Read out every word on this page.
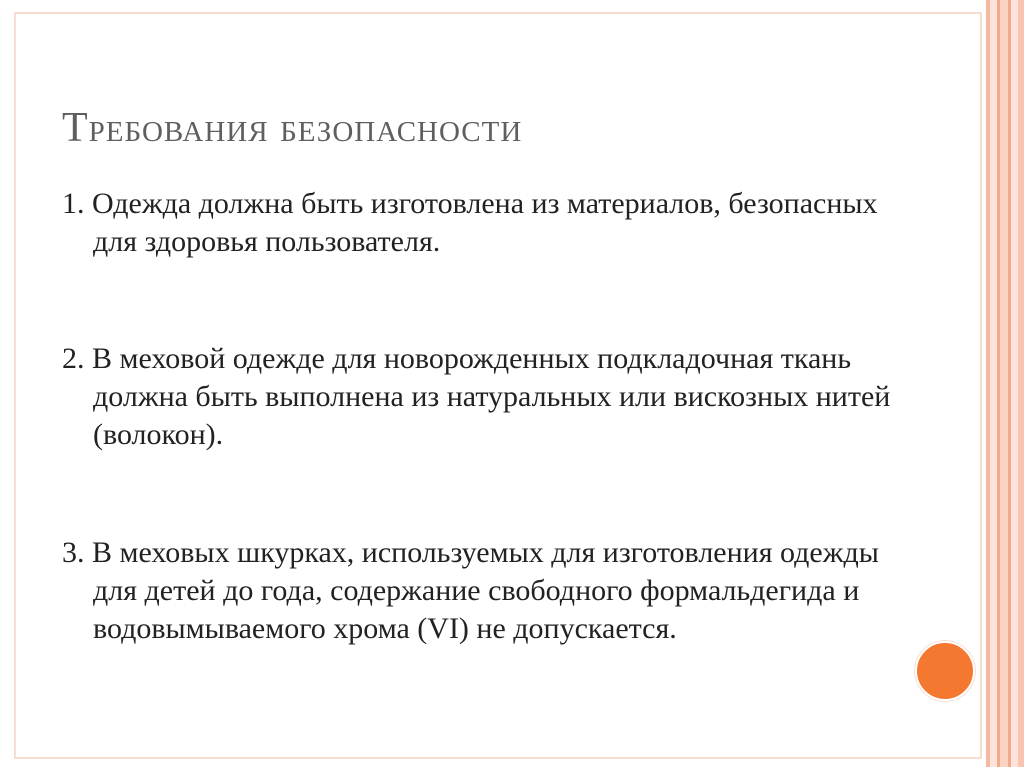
Требования безопасности

1. Одежда должна быть изготовлена из материалов, безопасных для здоровья пользователя.

2. В меховой одежде для новорожденных подкладочная ткань должна быть выполнена из натуральных или вискозных нитей (волокон).

3. В меховых шкурках, используемых для изготовления одежды для детей до года, содержание свободного формальдегида и водовымываемого хрома (VI) не допускается.
